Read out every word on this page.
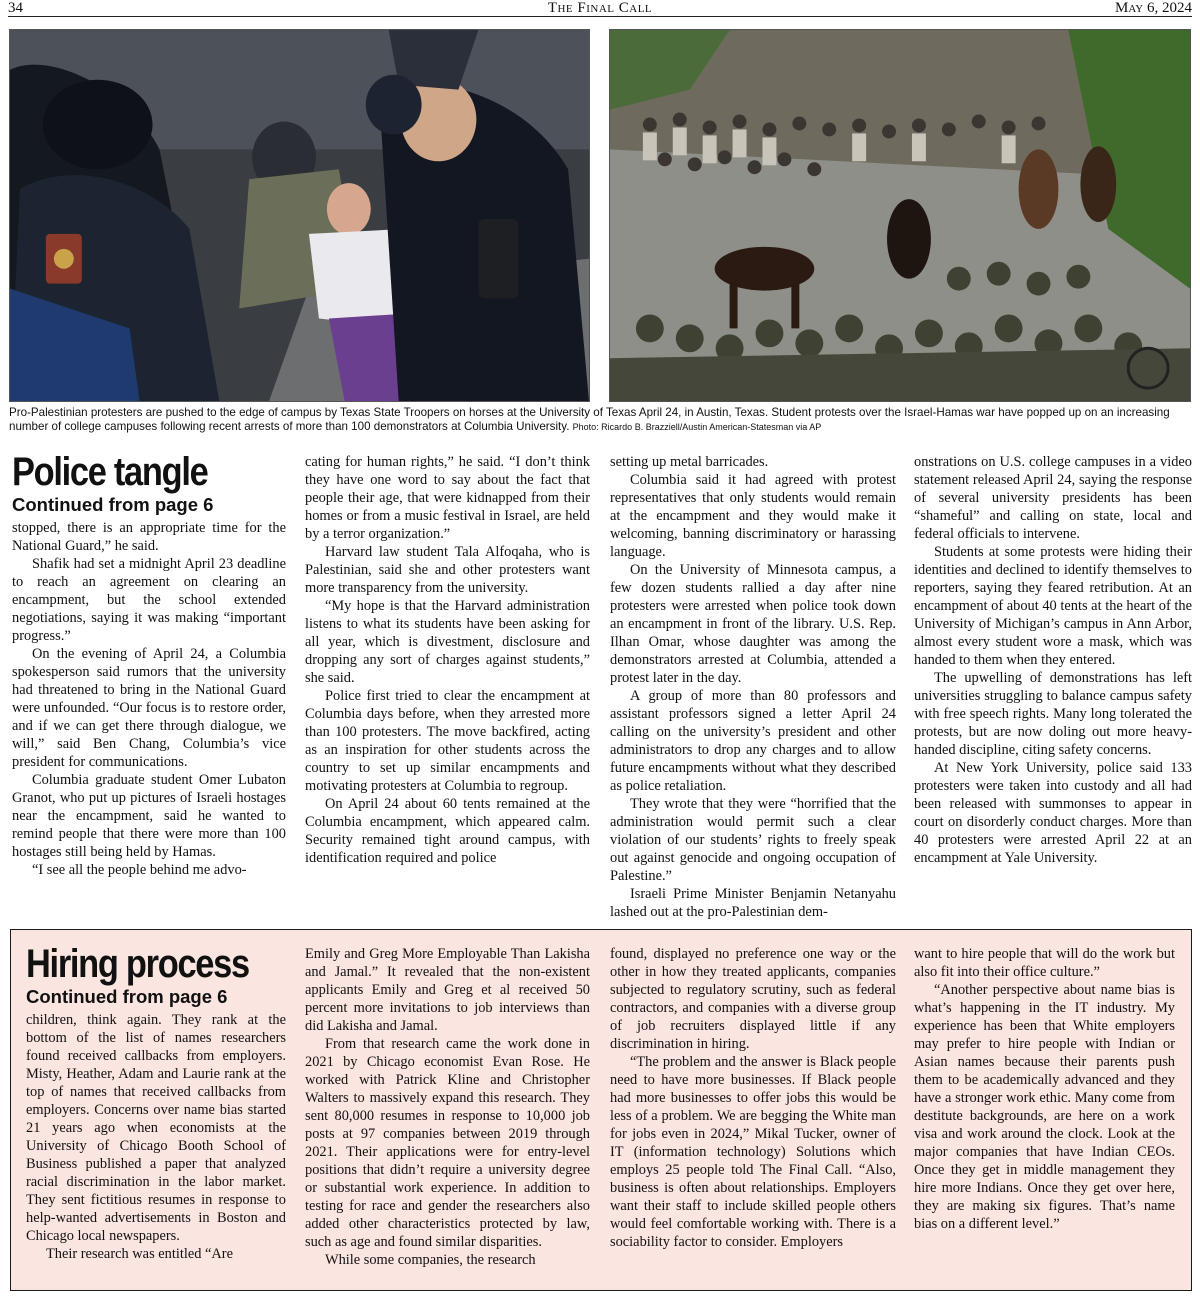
34	The Final Call	May 6, 2024
Pro-Palestinian protesters are pushed to the edge of campus by Texas State Troopers on horses at the University of Texas April 24, in Austin, Texas. Student protests over the Israel-Hamas war have popped up on an increasing number of college campuses following recent arrests of more than 100 demonstrators at Columbia University. Photo: Ricardo B. Brazziell/Austin American-Statesman via AP
Police tangle
Continued from page 6

stopped, there is an appropriate time for the National Guard,” he said.

Shafik had set a midnight April 23 deadline to reach an agreement on clearing an encampment, but the school extended negotiations, saying it was making “important progress.”

On the evening of April 24, a Columbia spokesperson said rumors that the university had threatened to bring in the National Guard were unfounded. “Our focus is to restore order, and if we can get there through dialogue, we will,” said Ben Chang, Columbia’s vice president for communications.

Columbia graduate student Omer Lubaton Granot, who put up pictures of Israeli hostages near the encampment, said he wanted to remind people that there were more than 100 hostages still being held by Hamas.

“I see all the people behind me advo-

cating for human rights,” he said. “I don’t think they have one word to say about the fact that people their age, that were kidnapped from their homes or from a music festival in Israel, are held by a terror organization.”

Harvard law student Tala Alfoqaha, who is Palestinian, said she and other protesters want more transparency from the university.

“My hope is that the Harvard administration listens to what its students have been asking for all year, which is divestment, disclosure and dropping any sort of charges against students,” she said.

Police first tried to clear the encampment at Columbia days before, when they arrested more than 100 protesters. The move backfired, acting as an inspiration for other students across the country to set up similar encampments and motivating protesters at Columbia to regroup.

On April 24 about 60 tents remained at the Columbia encampment, which appeared calm. Security remained tight around campus, with identification required and police

setting up metal barricades.

Columbia said it had agreed with protest representatives that only students would remain at the encampment and they would make it welcoming, banning discriminatory or harassing language.

On the University of Minnesota campus, a few dozen students rallied a day after nine protesters were arrested when police took down an encampment in front of the library. U.S. Rep. Ilhan Omar, whose daughter was among the demonstrators arrested at Columbia, attended a protest later in the day.

A group of more than 80 professors and assistant professors signed a letter April 24 calling on the university’s president and other administrators to drop any charges and to allow future encampments without what they described as police retaliation.

They wrote that they were “horrified that the administration would permit such a clear violation of our students’ rights to freely speak out against genocide and ongoing occupation of Palestine.”

Israeli Prime Minister Benjamin Netanyahu lashed out at the pro-Palestinian dem-

onstrations on U.S. college campuses in a video statement released April 24, saying the response of several university presidents has been “shameful” and calling on state, local and federal officials to intervene.

Students at some protests were hiding their identities and declined to identify themselves to reporters, saying they feared retribution. At an encampment of about 40 tents at the heart of the University of Michigan’s campus in Ann Arbor, almost every student wore a mask, which was handed to them when they entered.

The upwelling of demonstrations has left universities struggling to balance campus safety with free speech rights. Many long tolerated the protests, but are now doling out more heavy-handed discipline, citing safety concerns.

At New York University, police said 133 protesters were taken into custody and all had been released with summonses to appear in court on disorderly conduct charges. More than 40 protesters were arrested April 22 at an encampment at Yale University.

Hiring process
Continued from page 6

children, think again. They rank at the bottom of the list of names researchers found received callbacks from employers. Misty, Heather, Adam and Laurie rank at the top of names that received callbacks from employers. Concerns over name bias started 21 years ago when economists at the University of Chicago Booth School of Business published a paper that analyzed racial discrimination in the labor market. They sent fictitious resumes in response to help-wanted advertisements in Boston and Chicago local newspapers.

Their research was entitled “Are

Emily and Greg More Employable Than Lakisha and Jamal.” It revealed that the non-existent applicants Emily and Greg et al received 50 percent more invitations to job interviews than did Lakisha and Jamal.

From that research came the work done in 2021 by Chicago economist Evan Rose. He worked with Patrick Kline and Christopher Walters to massively expand this research. They sent 80,000 resumes in response to 10,000 job posts at 97 companies between 2019 through 2021. Their applications were for entry-level positions that didn’t require a university degree or substantial work experience. In addition to testing for race and gender the researchers also added other characteristics protected by law, such as age and found similar disparities.

While some companies, the research

found, displayed no preference one way or the other in how they treated applicants, companies subjected to regulatory scrutiny, such as federal contractors, and companies with a diverse group of job recruiters displayed little if any discrimination in hiring.

“The problem and the answer is Black people need to have more businesses. If Black people had more businesses to offer jobs this would be less of a problem. We are begging the White man for jobs even in 2024,” Mikal Tucker, owner of IT (information technology) Solutions which employs 25 people told The Final Call. “Also, business is often about relationships. Employers want their staff to include skilled people others would feel comfortable working with. There is a sociability factor to consider. Employers

want to hire people that will do the work but also fit into their office culture.”

“Another perspective about name bias is what’s happening in the IT industry. My experience has been that White employers may prefer to hire people with Indian or Asian names because their parents push them to be academically advanced and they have a stronger work ethic. Many come from destitute backgrounds, are here on a work visa and work around the clock. Look at the major companies that have Indian CEOs. Once they get in middle management they hire more Indians. Once they get over here, they are making six figures. That’s name bias on a different level.”
